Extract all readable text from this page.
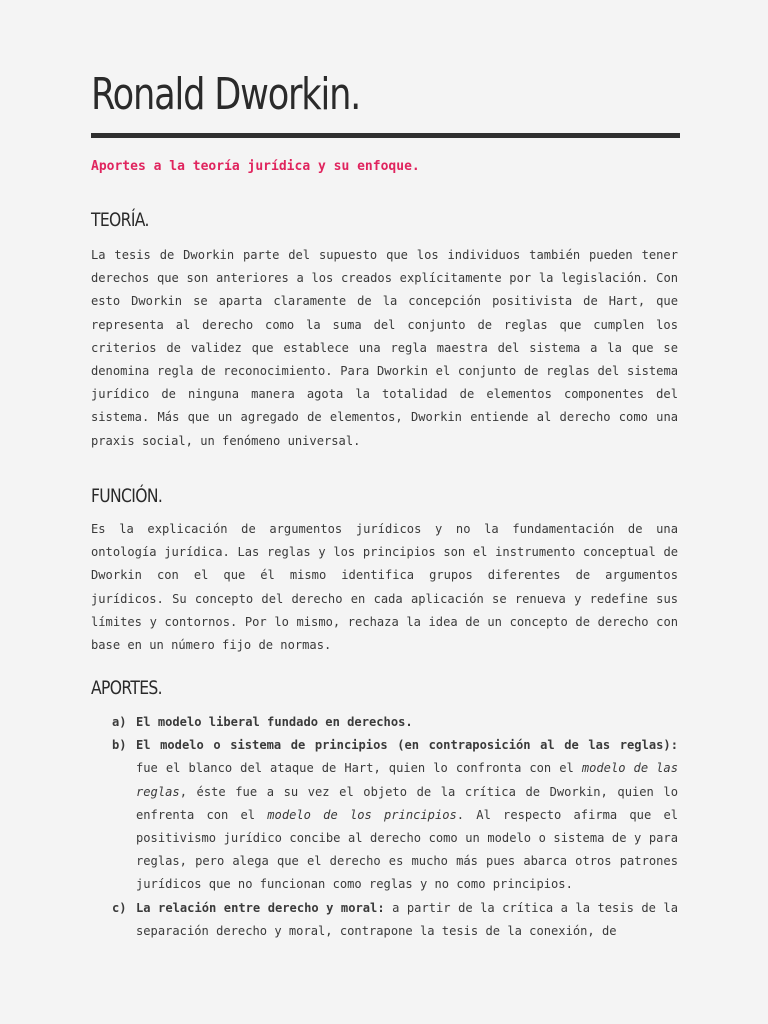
Ronald Dworkin.

Aportes a la teoría jurídica y su enfoque.

TEORÍA.

La tesis de Dworkin parte del supuesto que los individuos también pueden tener derechos que son anteriores a los creados explícitamente por la legislación. Con esto Dworkin se aparta claramente de la concepción positivista de Hart, que representa al derecho como la suma del conjunto de reglas que cumplen los criterios de validez que establece una regla maestra del sistema a la que se denomina regla de reconocimiento. Para Dworkin el conjunto de reglas del sistema jurídico de ninguna manera agota la totalidad de elementos componentes del sistema. Más que un agregado de elementos, Dworkin entiende al derecho como una praxis social, un fenómeno universal.

FUNCIÓN.

Es la explicación de argumentos jurídicos y no la fundamentación de una ontología jurídica. Las reglas y los principios son el instrumento conceptual de Dworkin con el que él mismo identifica grupos diferentes de argumentos jurídicos. Su concepto del derecho en cada aplicación se renueva y redefine sus límites y contornos. Por lo mismo, rechaza la idea de un concepto de derecho con base en un número fijo de normas.

APORTES.
a) El modelo liberal fundado en derechos.
b) El modelo o sistema de principios (en contraposición al de las reglas): fue el blanco del ataque de Hart, quien lo confronta con el modelo de las reglas, éste fue a su vez el objeto de la crítica de Dworkin, quien lo enfrenta con el modelo de los principios. Al respecto afirma que el positivismo jurídico concibe al derecho como un modelo o sistema de y para reglas, pero alega que el derecho es mucho más pues abarca otros patrones jurídicos que no funcionan como reglas y no como principios.
c) La relación entre derecho y moral: a partir de la crítica a la tesis de la separación derecho y moral, contrapone la tesis de la conexión, de
